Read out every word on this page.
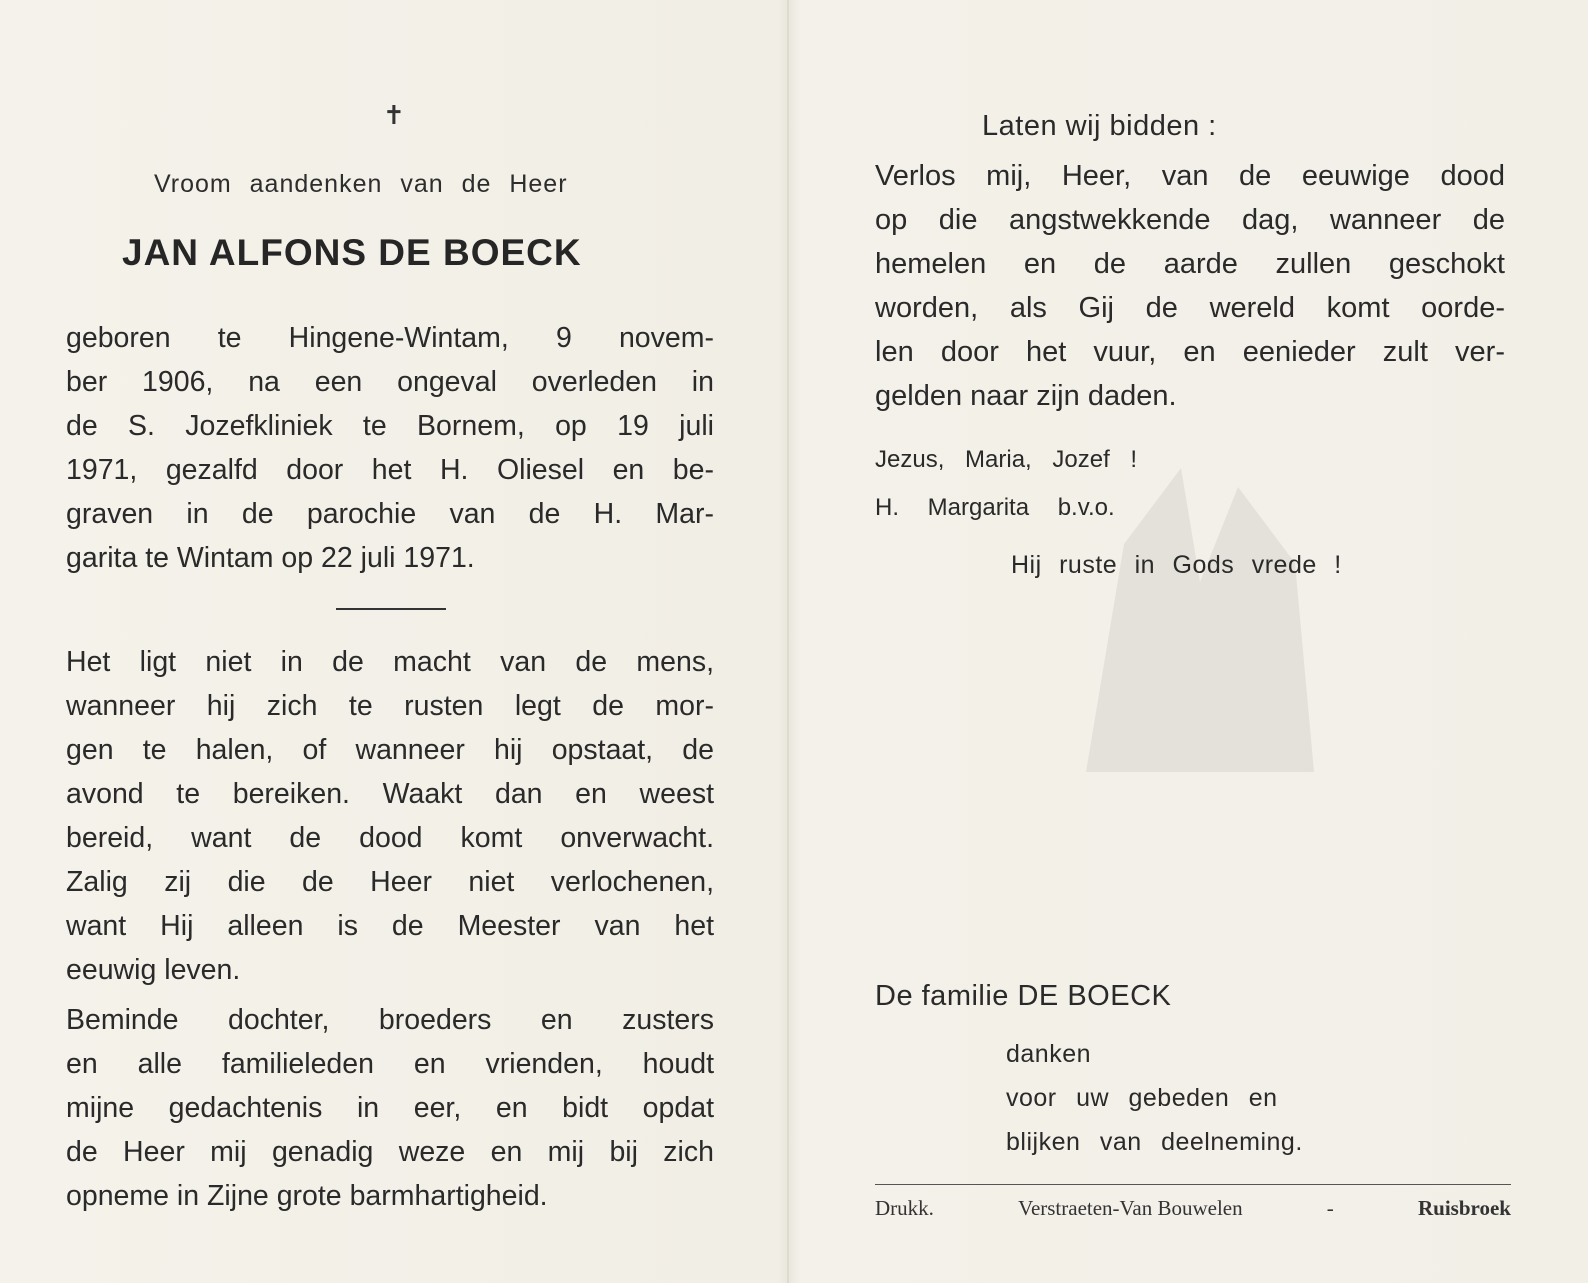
✝
Vroom aandenken van de Heer
JAN ALFONS DE BOECK
geboren te Hingene-Wintam, 9 novem-
ber 1906, na een ongeval overleden in
de S. Jozefkliniek te Bornem, op 19 juli
1971, gezalfd door het H. Oliesel en be-
graven in de parochie van de H. Mar-
garita te Wintam op 22 juli 1971.
Het ligt niet in de macht van de mens,
wanneer hij zich te rusten legt de mor-
gen te halen, of wanneer hij opstaat, de
avond te bereiken. Waakt dan en weest
bereid, want de dood komt onverwacht.
Zalig zij die de Heer niet verlochenen,
want Hij alleen is de Meester van het
eeuwig leven.
Beminde dochter, broeders en zusters
en alle familieleden en vrienden, houdt
mijne gedachtenis in eer, en bidt opdat
de Heer mij genadig weze en mij bij zich
opneme in Zijne grote barmhartigheid.
Laten wij bidden :
Verlos mij, Heer, van de eeuwige dood
op die angstwekkende dag, wanneer de
hemelen en de aarde zullen geschokt
worden, als Gij de wereld komt oorde-
len door het vuur, en eenieder zult ver-
gelden naar zijn daden.
Jezus, Maria, Jozef !
H. Margarita b.v.o.
Hij ruste in Gods vrede !
De familie DE BOECK
danken
voor uw gebeden en
blijken van deelneming.
Drukk.	Verstraeten-Van Bouwelen	-	Ruisbroek
